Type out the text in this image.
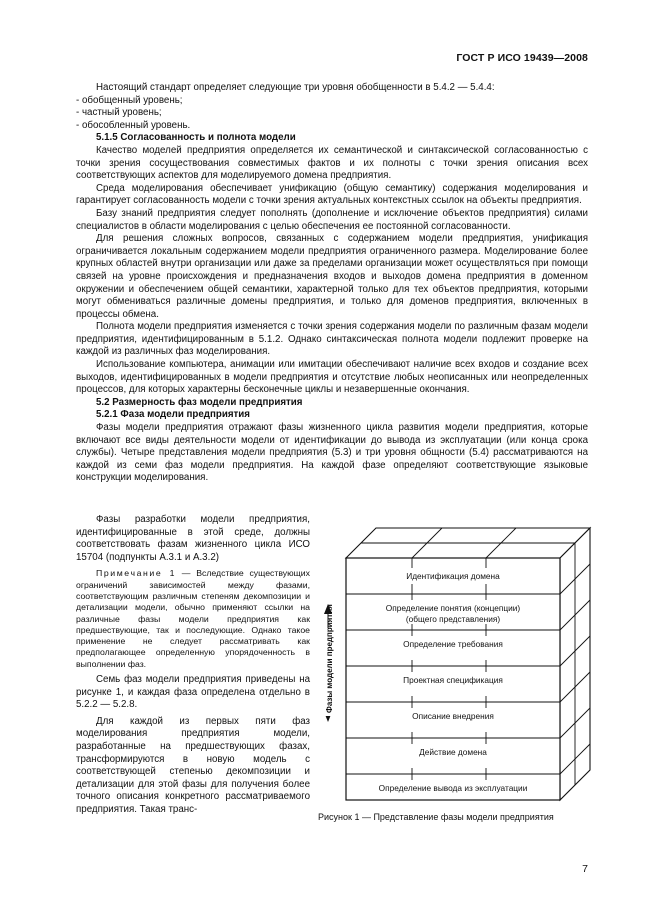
ГОСТ Р ИСО 19439—2008

Настоящий стандарт определяет следующие три уровня обобщенности в 5.4.2 — 5.4.4:

- обобщенный уровень;

- частный уровень;

- обособленный уровень.

5.1.5 Согласованность и полнота модели

Качество моделей предприятия определяется их семантической и синтаксической согласованностью с точки зрения сосуществования совместимых фактов и их полноты с точки зрения описания всех соответствующих аспектов для моделируемого домена предприятия.

Среда моделирования обеспечивает унификацию (общую семантику) содержания моделирования и гарантирует согласованность модели с точки зрения актуальных контекстных ссылок на объекты предприятия.

Базу знаний предприятия следует пополнять (дополнение и исключение объектов предприятия) силами специалистов в области моделирования с целью обеспечения ее постоянной согласованности.

Для решения сложных вопросов, связанных с содержанием модели предприятия, унификация ограничивается локальным содержанием модели предприятия ограниченного размера. Моделирование более крупных областей внутри организации или даже за пределами организации может осуществляться при помощи связей на уровне происхождения и предназначения входов и выходов домена предприятия в доменном окружении и обеспечением общей семантики, характерной только для тех объектов предприятия, которыми могут обмениваться различные домены предприятия, и только для доменов предприятия, включенных в процессы обмена.

Полнота модели предприятия изменяется с точки зрения содержания модели по различным фазам модели предприятия, идентифицированным в 5.1.2. Однако синтаксическая полнота модели подлежит проверке на каждой из различных фаз моделирования.

Использование компьютера, анимации или имитации обеспечивают наличие всех входов и создание всех выходов, идентифицированных в модели предприятия и отсутствие любых неописанных или неопределенных процессов, для которых характерны бесконечные циклы и незавершенные окончания.

5.2 Размерность фаз модели предприятия

5.2.1 Фаза модели предприятия

Фазы модели предприятия отражают фазы жизненного цикла развития модели предприятия, которые включают все виды деятельности модели от идентификации до вывода из эксплуатации (или конца срока службы). Четыре представления модели предприятия (5.3) и три уровня общности (5.4) рассматриваются на каждой из семи фаз модели предприятия. На каждой фазе определяют соответствующие языковые конструкции моделирования.

Фазы разработки модели предприятия, идентифицированные в этой среде, должны соответствовать фазам жизненного цикла ИСО 15704 (подпункты А.3.1 и А.3.2)

Примечание 1 — Вследствие существующих ограничений зависимостей между фазами, соответствующим различным степеням декомпозиции и детализации модели, обычно применяют ссылки на различные фазы модели предприятия как предшествующие, так и последующие. Однако такое применение не следует рассматривать как предполагающее определенную упорядоченность в выполнении фаз.

Семь фаз модели предприятия приведены на рисунке 1, и каждая фаза определена отдельно в 5.2.2 — 5.2.8.

Для каждой из первых пяти фаз моделирования предприятия модели, разработанные на предшествующих фазах, трансформируются в новую модель с соответствующей степенью декомпозиции и детализации для этой фазы для получения более точного описания конкретного рассматриваемого предприятия. Такая транс-

Идентификация домена
Определение понятия (концепции)
(общего представления)
Определение требования
Проектная спецификация
Описание внедрения
Действие домена
Определение вывода из эксплуатации
Фазы модели предприятия
Рисунок 1 — Представление фазы модели предприятия
7
